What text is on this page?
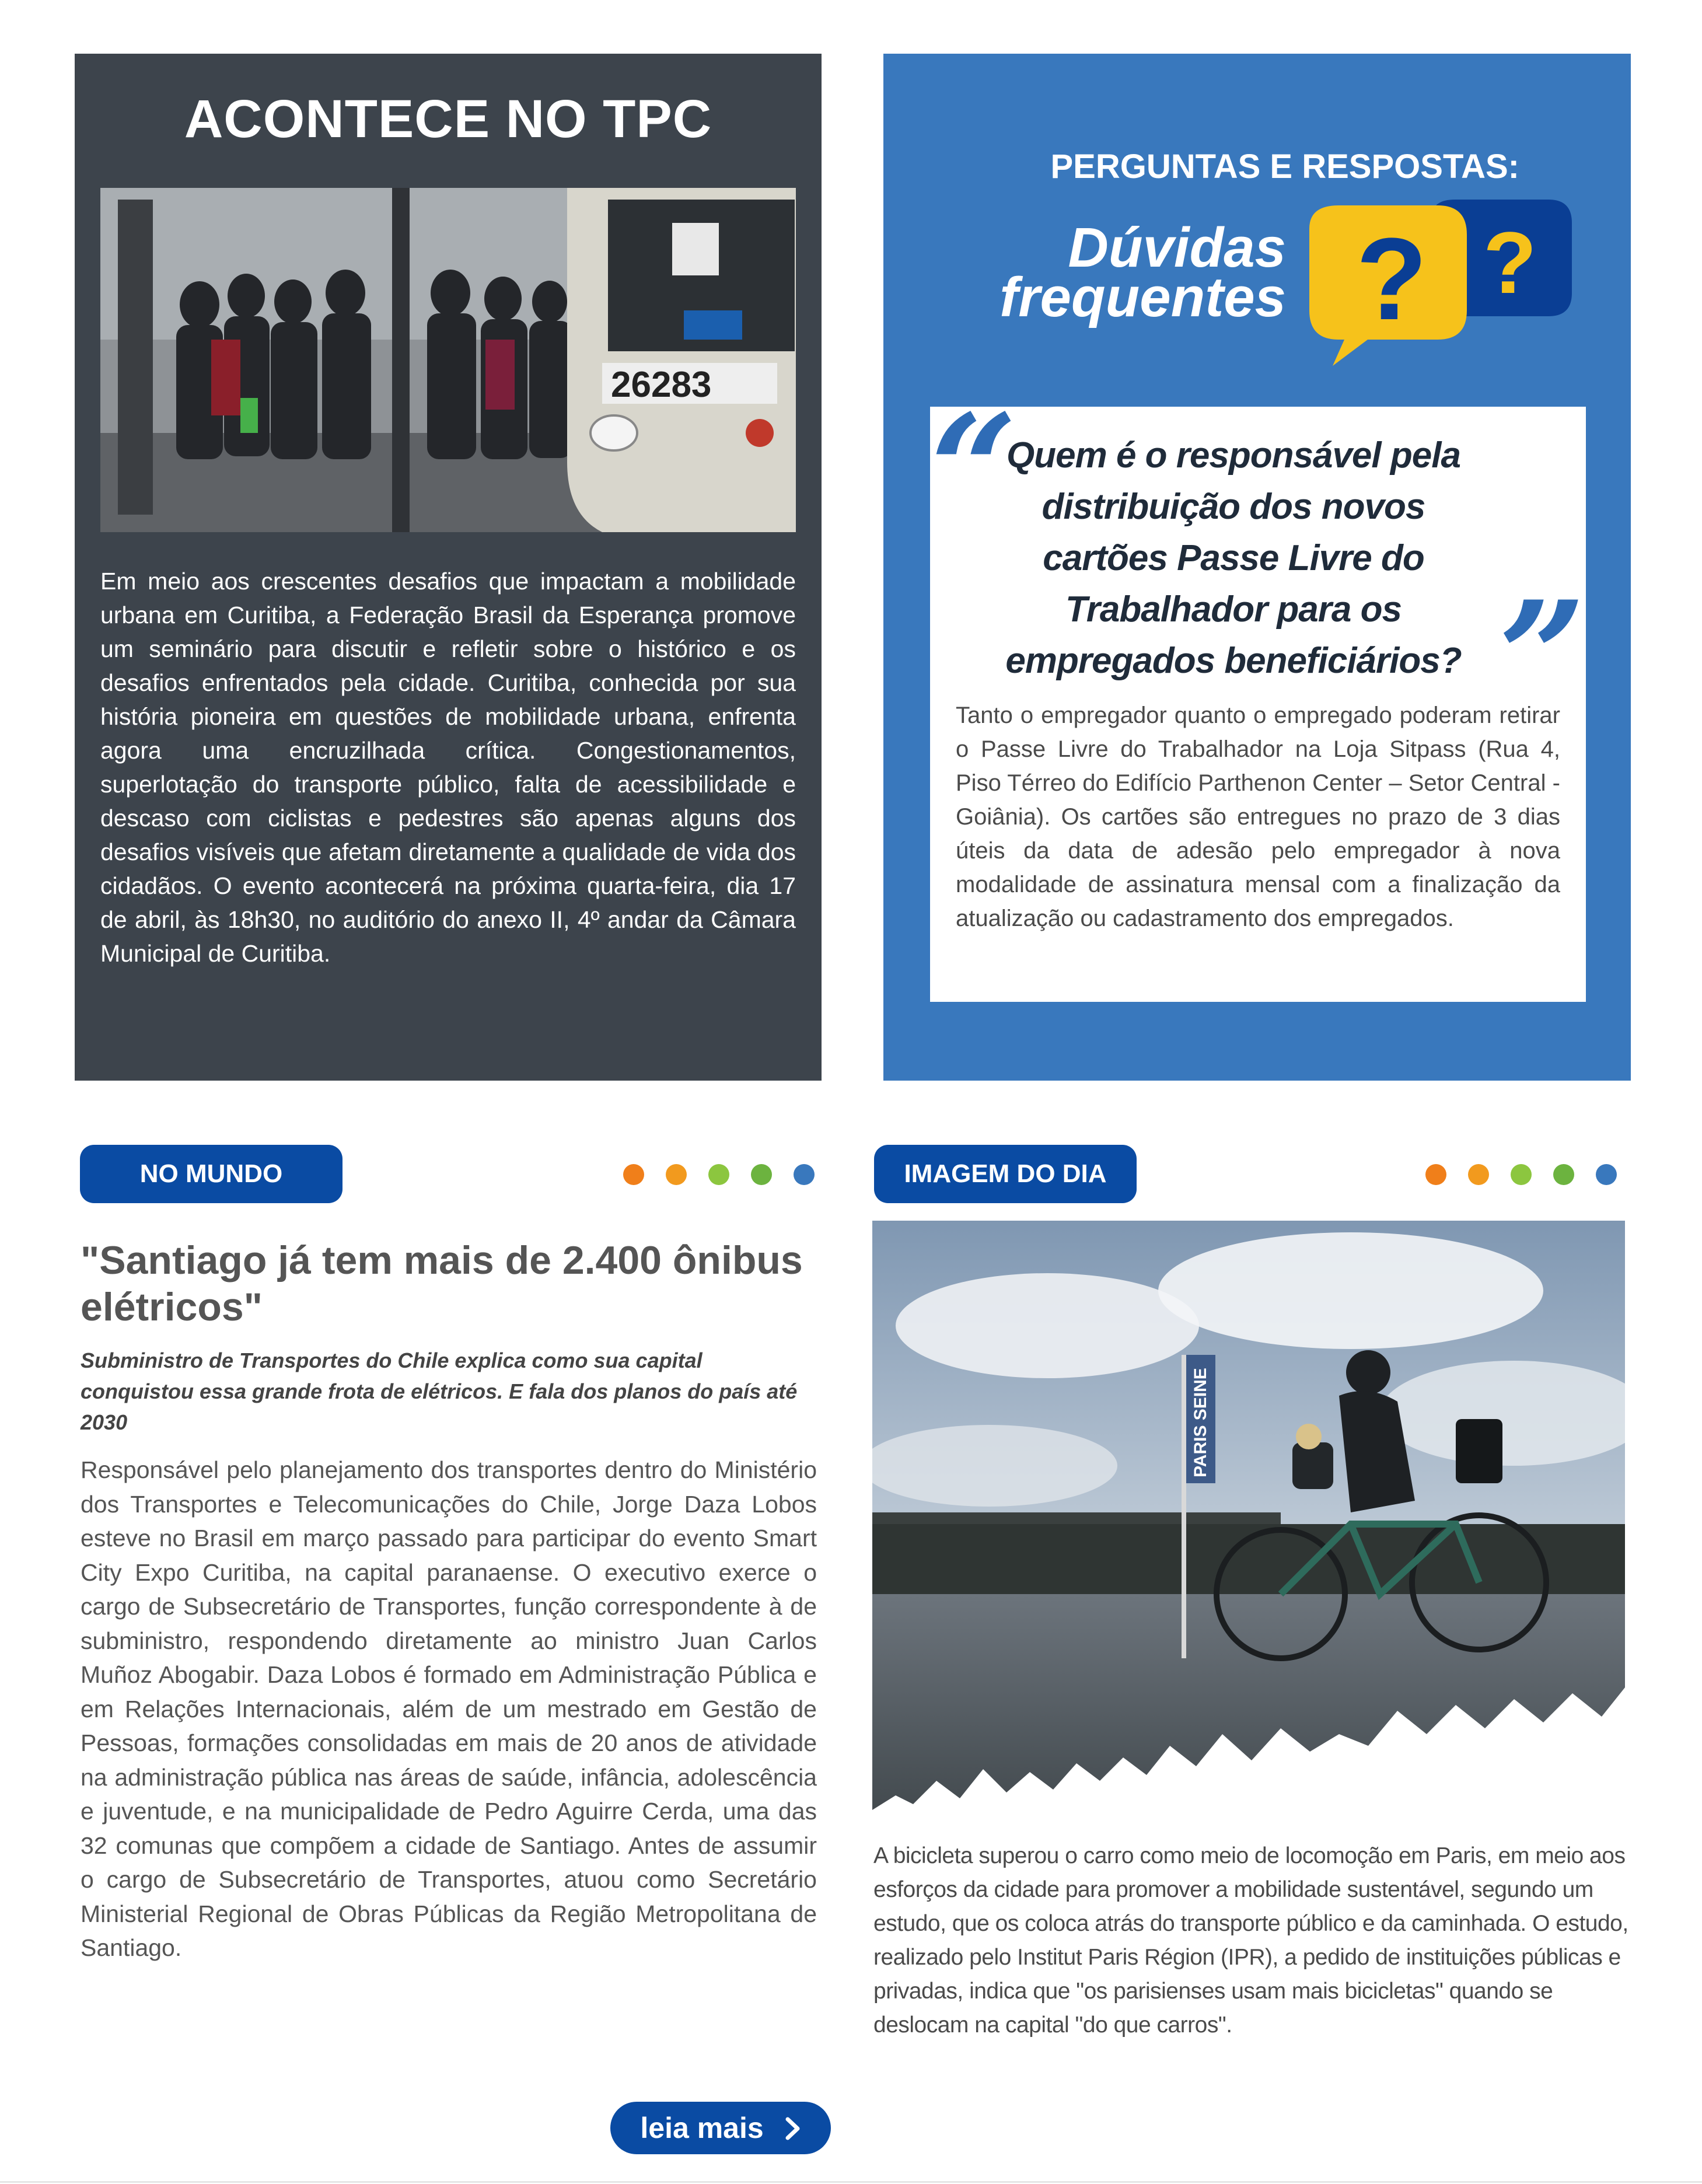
ACONTECE NO TPC
26283
Em meio aos crescentes desafios que impactam a mobilidade urbana em Curitiba, a Federação Brasil da Esperança promove um seminário para discutir e refletir sobre o histórico e os desafios enfrentados pela cidade. Curitiba, conhecida por sua história pioneira em questões de mobilidade urbana, enfrenta agora uma encruzilhada crítica. Congestionamentos, superlotação do transporte público, falta de acessibilidade e descaso com ciclistas e pedestres são apenas alguns dos desafios visíveis que afetam diretamente a qualidade de vida dos cidadãos. O evento acontecerá na próxima quarta-feira, dia 17 de abril, às 18h30, no auditório do anexo II, 4º andar da Câmara Municipal de Curitiba.
PERGUNTAS E RESPOSTAS:
Dúvidas
frequentes ?
?
“
Quem é o responsável pela distribuição dos novos cartões Passe Livre do Trabalhador para os empregados beneficiários? ”
Tanto o empregador quanto o empregado poderam retirar o Passe Livre do Trabalhador na Loja Sitpass (Rua 4, Piso Térreo do Edifício Parthenon Center – Setor Central - Goiânia). Os cartões são entregues no prazo de 3 dias úteis da data de adesão pelo empregador à nova modalidade de assinatura mensal com a finalização da atualização ou cadastramento dos empregados.
NO MUNDO
"Santiago já tem mais de 2.400 ônibus elétricos"
Subministro de Transportes do Chile explica como sua capital conquistou essa grande frota de elétricos. E fala dos planos do país até 2030
Responsável pelo planejamento dos transportes dentro do Ministério dos Transportes e Telecomunicações do Chile, Jorge Daza Lobos esteve no Brasil em março passado para participar do evento Smart City Expo Curitiba, na capital paranaense. O executivo exerce o cargo de Subsecretário de Transportes, função correspondente à de subministro, respondendo diretamente ao ministro Juan Carlos Muñoz Abogabir. Daza Lobos é formado em Administração Pública e em Relações Internacionais, além de um mestrado em Gestão de Pessoas, formações consolidadas em mais de 20 anos de atividade na administração pública nas áreas de saúde, infância, adolescência e juventude, e na municipalidade de Pedro Aguirre Cerda, uma das 32 comunas que compõem a cidade de Santiago. Antes de assumir o cargo de Subsecretário de Transportes, atuou como Secretário Ministerial Regional de Obras Públicas da Região Metropolitana de Santiago.
IMAGEM DO DIA
PARIS SEINE
A bicicleta superou o carro como meio de locomoção em Paris, em meio aos esforços da cidade para promover a mobilidade sustentável, segundo um estudo, que os coloca atrás do transporte público e da caminhada. O estudo, realizado pelo Institut Paris Région (IPR), a pedido de instituições públicas e privadas, indica que "os parisienses usam mais bicicletas" quando se deslocam na capital "do que carros".
leia mais
